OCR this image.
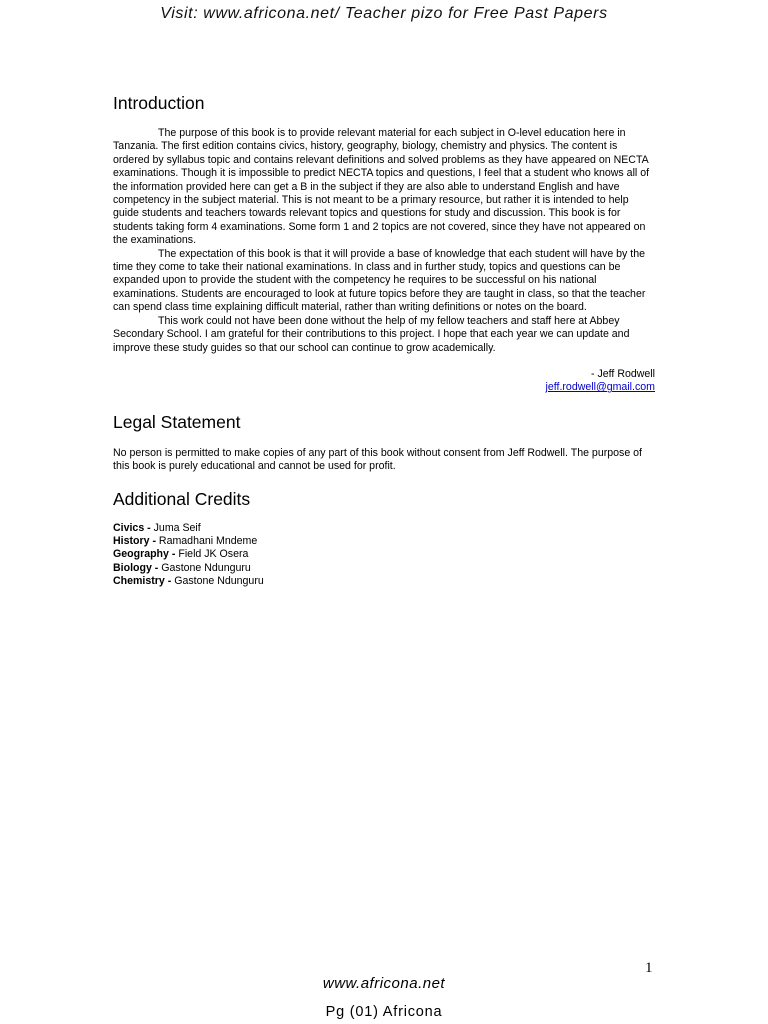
Visit: www.africona.net/ Teacher pizo for Free Past Papers
Introduction

The purpose of this book is to provide relevant material for each subject in O-level education here in Tanzania. The first edition contains civics, history, geography, biology, chemistry and physics. The content is ordered by syllabus topic and contains relevant definitions and solved problems as they have appeared on NECTA examinations. Though it is impossible to predict NECTA topics and questions, I feel that a student who knows all of the information provided here can get a B in the subject if they are also able to understand English and have competency in the subject material. This is not meant to be a primary resource, but rather it is intended to help guide students and teachers towards relevant topics and questions for study and discussion. This book is for students taking form 4 examinations. Some form 1 and 2 topics are not covered, since they have not appeared on the examinations.

The expectation of this book is that it will provide a base of knowledge that each student will have by the time they come to take their national examinations. In class and in further study, topics and questions can be expanded upon to provide the student with the competency he requires to be successful on his national examinations. Students are encouraged to look at future topics before they are taught in class, so that the teacher can spend class time explaining difficult material, rather than writing definitions or notes on the board.

This work could not have been done without the help of my fellow teachers and staff here at Abbey Secondary School. I am grateful for their contributions to this project. I hope that each year we can update and improve these study guides so that our school can continue to grow academically.

- Jeff Rodwell
jeff.rodwell@gmail.com
Legal Statement

No person is permitted to make copies of any part of this book without consent from Jeff Rodwell. The purpose of this book is purely educational and cannot be used for profit.

Additional Credits
Civics - Juma Seif
History - Ramadhani Mndeme
Geography - Field JK Osera
Biology - Gastone Ndunguru
Chemistry - Gastone Ndunguru
1
www.africona.net
Pg (01) Africona
